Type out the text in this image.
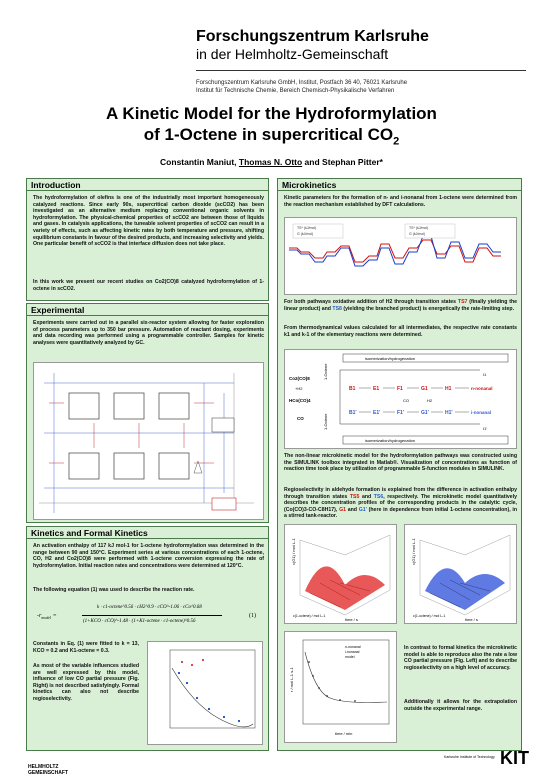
Forschungszentrum Karlsruhe
in der Helmholtz-Gemeinschaft
Forschungszentrum Karlsruhe GmbH, Institut, Postfach 36 40, 76021 Karlsruhe
Institut für Technische Chemie, Bereich Chemisch-Physikalische Verfahren
A Kinetic Model for the Hydroformylation
of 1-Octene in supercritical $CO_2$
Constantin Maniut, Thomas N. Otto and Stephan Pitter*
Introduction
The hydroformylation of olefins is one of the industrially most important homogeneously catalyzed reactions. Since early 90s, supercritical carbon dioxide (scCO2) has been investigated as an alternative medium replacing conventional organic solvents in hydroformylation. The physical-chemical properties of scCO2 are between those of liquids and gases. In catalysis applications, the tuneable solvent properties of scCO2 can result in a variety of effects, such as affecting kinetic rates by both temperature and pressure, shifting equilibrium constants in favour of the desired products, and increasing selectivity and yields. One particular benefit of scCO2 is that interface diffusion does not take place.
In this work we present our recent studies on Co2(CO)8 catalyzed hydroformylation of 1-octene in scCO2.
Experimental
Experiments were carried out in a parallel six-reactor system allowing for faster exploration of process parameters up to 350 bar pressure. Automation of reactant dosing, experiments and data recording was performed using a programmable controller. Samples for kinetic analyses were quantitatively analyzed by GC.
Kinetics and Formal Kinetics
An activation enthalpy of 117 kJ mol-1 for 1-octene hydroformylation was determined in the range between 90 and 150°C. Experiment series at various concentrations of each 1-octene, CO, H2 and Co2(CO)8 were performed with 1-octene conversion expressing the rate of hydroformylation. Initial reaction rates and concentrations were determined at 120°C.
The following equation (1) was used to describe the reaction rate.
$-r_{model}$ =
k · c1-octene^0.56 · cH2^0.9 · cCO^-1.06 · cCo^0.68
(1+KCO · cCO)^-1.48 · (1+K1-octene · c1-octene)^0.56
(1)
Constants in Eq. (1) were fitted to k = 13, KCO = 0.2 and K1-octene = 0.3.
As most of the variable influences studied are well expressed by this model, influence of low CO partial pressure (Fig. Right) is not described satisfyingly. Formal kinetics can also not describe regioselectivity.
Microkinetics
Kinetic parameters for the formation of n- and i-nonanal from 1-octene were determined from the reaction mechanism established by DFT calculations.
TS* (kJ/mol)
G (kJ/mol)
TS* (kJ/mol)
G (kJ/mol)
For both pathways oxidative addition of H2 through transition states TS7 (finally yielding the linear product) and TS8 (yielding the branched product) is energetically the rate-limiting step.
From thermodynamical values calculated for all intermediates, the respective rate constants k1 and k-1 of the elementary reactions were determined.
isomerization/hydrogenation
isomerization/hydrogenation
Co2(CO)8
+H2
HCo(CO)4
CO
1-Octene
1-Octene
B1	E1	F1	G1	H1
B1'	E1'	F1'	G1'	H1'
CO	H2
I1
I1'
n-nonanal
i-nonanal
The non-linear microkinetic model for the hydroformylation pathways was constructed using the SIMULINK toolbox integrated in Matlab®. Visualization of concentrations as function of reaction time took place by utilization of programmable S-function modules in SIMULINK.
Regioselectivity in aldehyde formation is explained from the difference in activation enthalpy through transition states TS5 and TS6, respectively. The microkinetic model quantitatively describes the concentration profiles of the corresponding products in the catalytic cycle, (Co(CO)3-CO-C8H17), G1 and G1' (here in dependence from initial 1-octene concentration), in a stirred tank-reactor.
c(G1) / mol L-1
time / s
c(1-octene) / mol L-1
c(G1) / mol L-1
time / s
c(1-octene) / mol L-1
n-nonanal
i-nonanal
model
r / mol L-1 s-1
time / min
In contrast to formal kinetics the microkinetic model is able to reproduce also the rate a low CO partial pressure (Fig. Left) and to describe regioselectivity on a high level of accuracy.
Additionally it allows for the extrapolation outside the experimental range.
HELMHOLTZ
GEMEINSCHAFT
Karlsruhe Institute of Technology KIT
